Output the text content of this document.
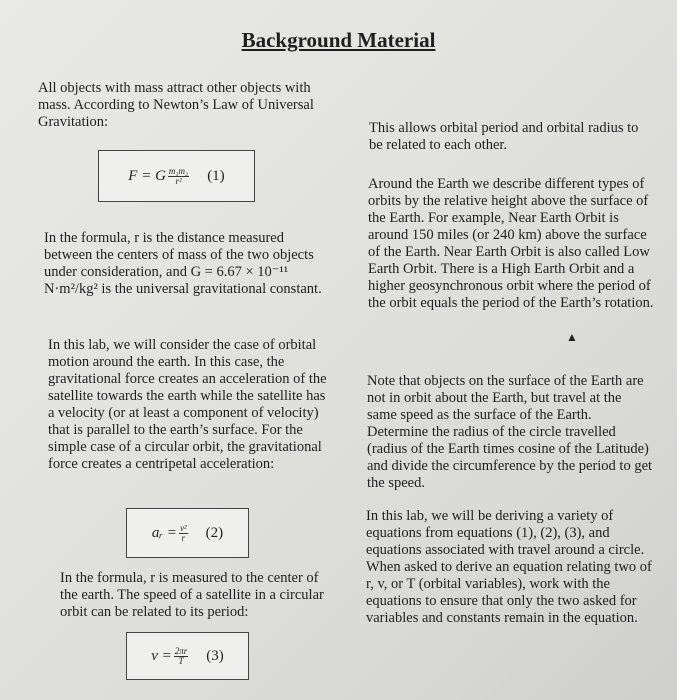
Background Material
All objects with mass attract other objects with mass. According to Newton’s Law of Universal Gravitation:
F = G $\frac{\text{m₁m₂}}{\text{r²}} (1)$
In the formula, r is the distance measured between the centers of mass of the two objects under consideration, and G = 6.67 × 10⁻¹¹ N·m²/kg² is the universal gravitational constant.
In this lab, we will consider the case of orbital motion around the earth. In this case, the gravitational force creates an acceleration of the satellite towards the earth while the satellite has a velocity (or at least a component of velocity) that is parallel to the earth’s surface. For the simple case of a circular orbit, the gravitational force creates a centripetal acceleration:
aᵣ = $\frac{\text{v²}}{r} (2)$
In the formula, r is measured to the center of the earth. The speed of a satellite in a circular orbit can be related to its period:
$v = \frac{2\pi r}{T} (3)$
This allows orbital period and orbital radius to be related to each other.
Around the Earth we describe different types of orbits by the relative height above the surface of the Earth. For example, Near Earth Orbit is around 150 miles (or 240 km) above the surface of the Earth. Near Earth Orbit is also called Low Earth Orbit. There is a High Earth Orbit and a higher geosynchronous orbit where the period of the orbit equals the period of the Earth’s rotation.
▲
Note that objects on the surface of the Earth are not in orbit about the Earth, but travel at the same speed as the surface of the Earth. Determine the radius of the circle travelled (radius of the Earth times cosine of the Latitude) and divide the circumference by the period to get the speed.
In this lab, we will be deriving a variety of equations from equations (1), (2), (3), and equations associated with travel around a circle. When asked to derive an equation relating two of r, v, or T (orbital variables), work with the equations to ensure that only the two asked for variables and constants remain in the equation.
